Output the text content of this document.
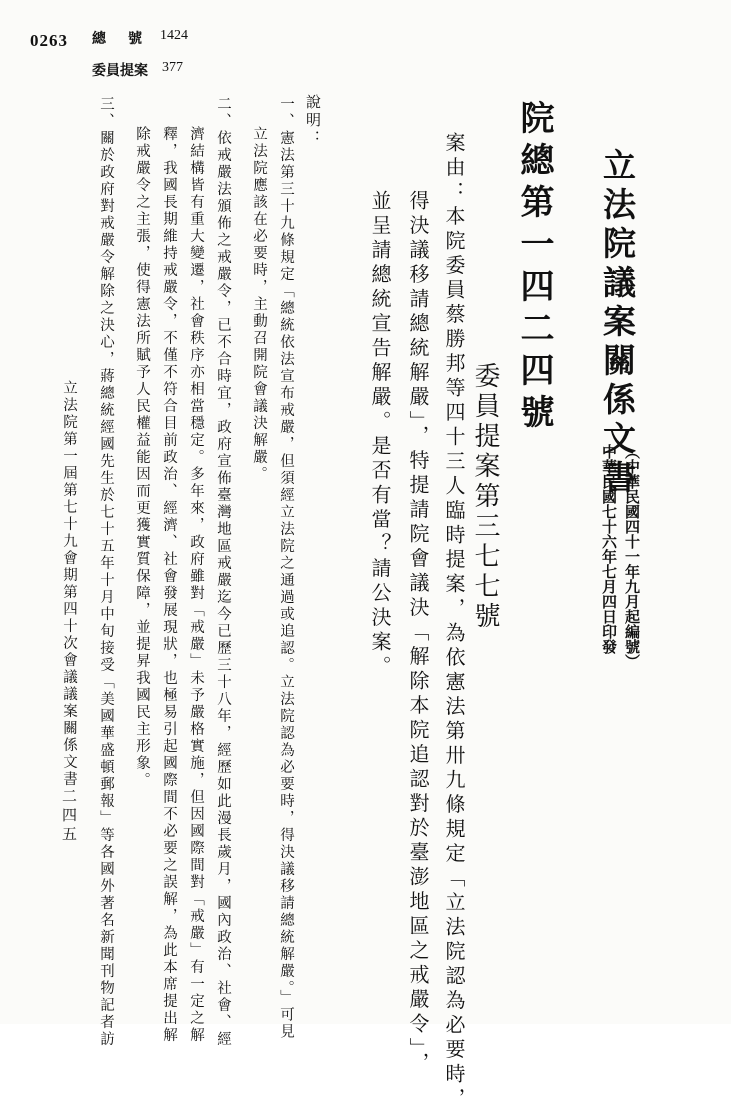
0263 總　號 1424
委員提案 377
立法院議案關係文書
︵中華民國四十一年九月起編號︶
中華民國七十六年七月四日印發
院總第一四二四號
委員提案第三七七號
案由：本院委員蔡勝邦等四十三人臨時提案，為依憲法第卅九條規定「立法院認為必要時，
得決議移請總統解嚴」，特提請院會議決「解除本院追認對於臺澎地區之戒嚴令」，
並呈請總統宣告解嚴。是否有當？請公決案。
說明：
一、憲法第三十九條規定「總統依法宣布戒嚴，但須經立法院之通過或追認。立法院認為必要時，得決議移請總統解嚴。」可見
立法院應該在必要時，主動召開院會議決解嚴。
二、依戒嚴法頒佈之戒嚴令，已不合時宜，政府宣佈臺灣地區戒嚴迄今已歷三十八年，經歷如此漫長歲月，國內政治、社會、經
濟結構皆有重大變遷，社會秩序亦相當穩定。多年來，政府雖對「戒嚴」未予嚴格實施，但因國際間對「戒嚴」有一定之解
釋，我國長期維持戒嚴令，不僅不符合目前政治、經濟、社會發展現狀，也極易引起國際間不必要之誤解，為此本席提出解
除戒嚴令之主張，使得憲法所賦予人民權益能因而更獲實質保障，並提昇我國民主形象。
三、關於政府對戒嚴令解除之決心，蔣總統經國先生於七十五年十月中旬接受「美國華盛頓郵報」等各國外著名新聞刊物記者訪
立法院第一屆第七十九會期第四十次會議議案關係文書
二四五
